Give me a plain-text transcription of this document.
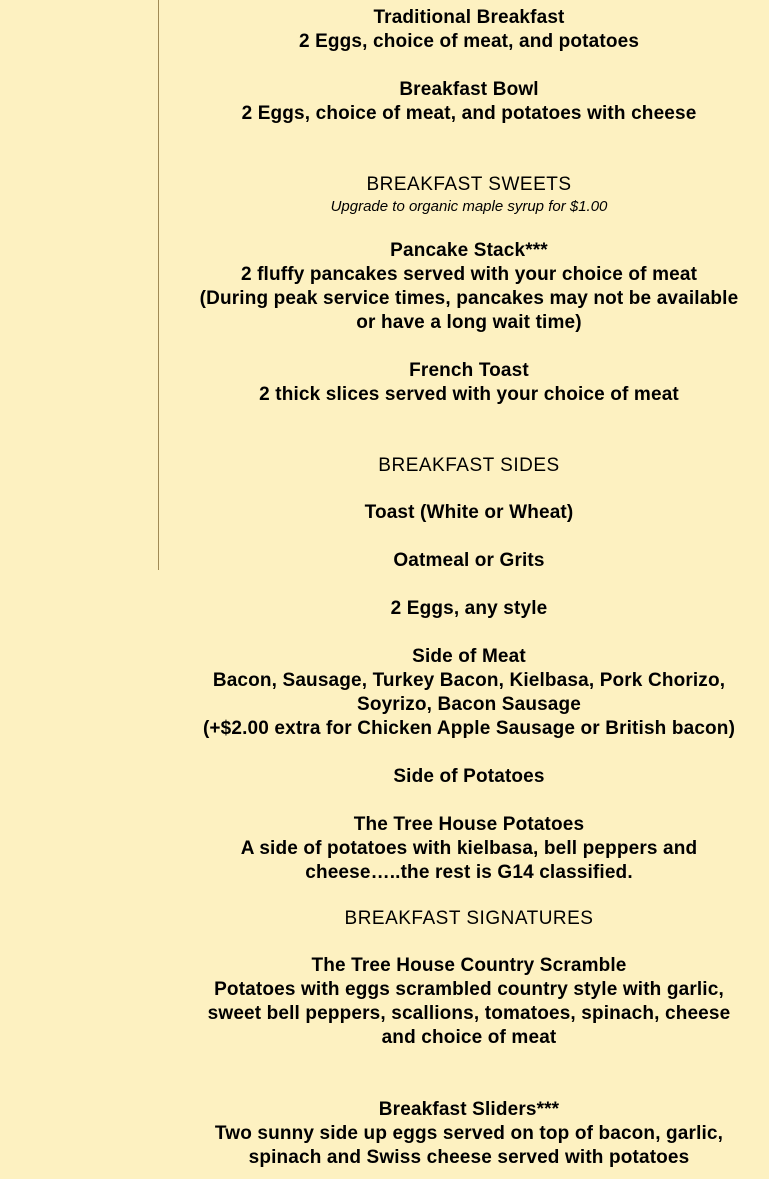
Traditional Breakfast

2 Eggs, choice of meat, and potatoes

Breakfast Bowl

2 Eggs, choice of meat, and potatoes with cheese

BREAKFAST SWEETS

Upgrade to organic maple syrup for $1.00

Pancake Stack***

2 fluffy pancakes served with your choice of meat

(During peak service times, pancakes may not be available or have a long wait time)

French Toast

2 thick slices served with your choice of meat

BREAKFAST SIDES

Toast (White or Wheat)

Oatmeal or Grits

2 Eggs, any style

Side of Meat

Bacon, Sausage, Turkey Bacon, Kielbasa, Pork Chorizo, Soyrizo, Bacon Sausage

(+$2.00 extra for Chicken Apple Sausage or British bacon)

Side of Potatoes

The Tree House Potatoes

A side of potatoes with kielbasa, bell peppers and cheese…..the rest is G14 classified.

BREAKFAST SIGNATURES

The Tree House Country Scramble

Potatoes with eggs scrambled country style with garlic, sweet bell peppers, scallions, tomatoes, spinach, cheese and choice of meat

Breakfast Sliders***

Two sunny side up eggs served on top of bacon, garlic, spinach and Swiss cheese served with potatoes
